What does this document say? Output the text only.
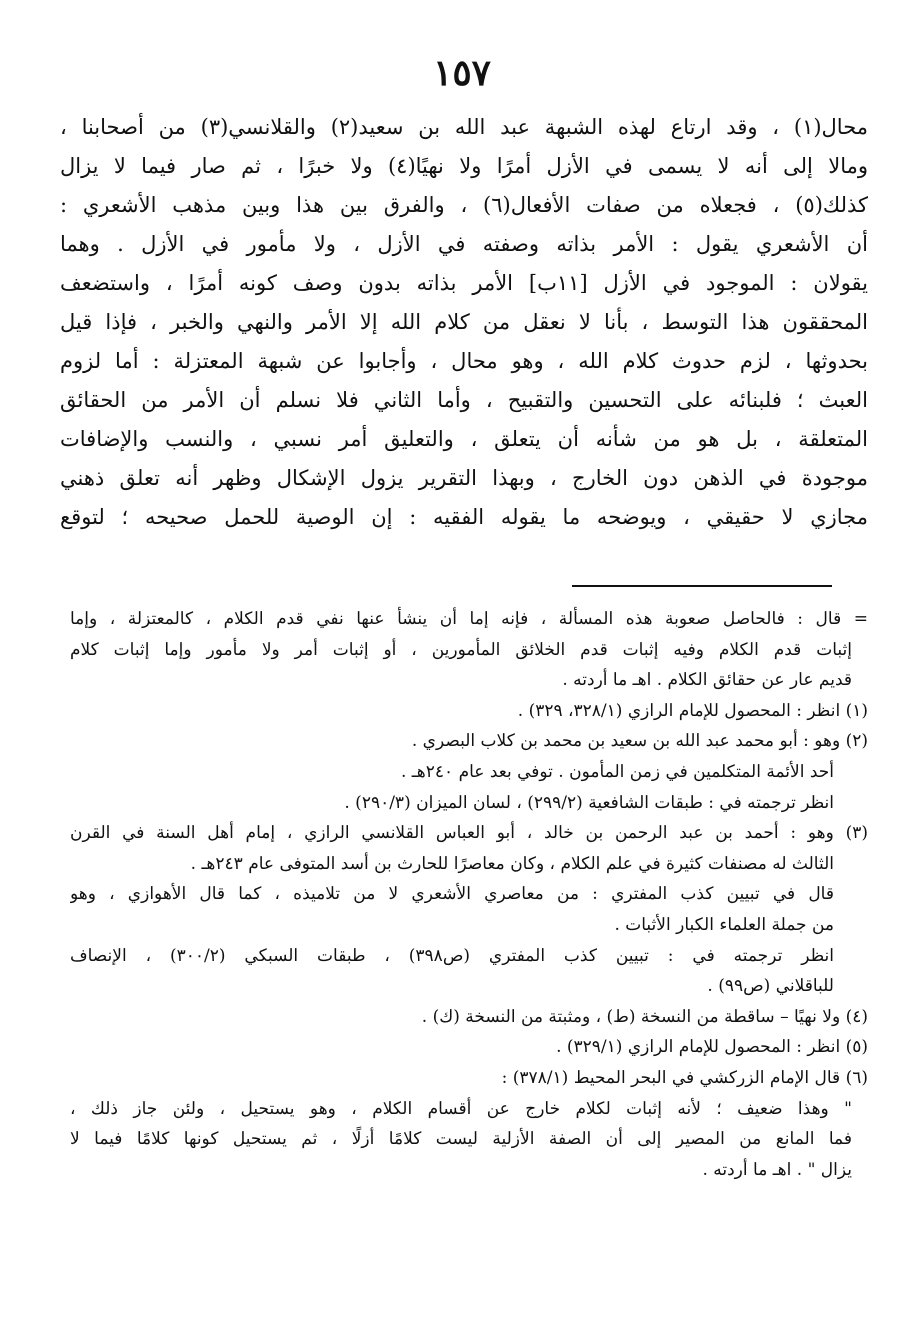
١٥٧
محال(١) ، وقد ارتاع لهذه الشبهة عبد الله بن سعيد(٢) والقلانسي(٣) من أصحابنا ،
ومالا إلى أنه لا يسمى في الأزل أمرًا ولا نهيًا(٤) ولا خبرًا ، ثم صار فيما لا يزال
كذلك(٥) ، فجعلاه من صفات الأفعال(٦) ، والفرق بين هذا وبين مذهب الأشعري :
أن الأشعري يقول : الأمر بذاته وصفته في الأزل ، ولا مأمور في الأزل . وهما
يقولان : الموجود في الأزل [١١ب] الأمر بذاته بدون وصف كونه أمرًا ، واستضعف
المحققون هذا التوسط ، بأنا لا نعقل من كلام الله إلا الأمر والنهي والخبر ، فإذا قيل
بحدوثها ، لزم حدوث كلام الله ، وهو محال ، وأجابوا عن شبهة المعتزلة : أما لزوم
العبث ؛ فلبنائه على التحسين والتقبيح ، وأما الثاني فلا نسلم أن الأمر من الحقائق
المتعلقة ، بل هو من شأنه أن يتعلق ، والتعليق أمر نسبي ، والنسب والإضافات
موجودة في الذهن دون الخارج ، وبهذا التقرير يزول الإشكال وظهر أنه تعلق ذهني
مجازي لا حقيقي ، ويوضحه ما يقوله الفقيه : إن الوصية للحمل صحيحه ؛ لتوقع
= قال : فالحاصل صعوبة هذه المسألة ، فإنه إما أن ينشأ عنها نفي قدم الكلام ، كالمعتزلة ، وإما
إثبات قدم الكلام وفيه إثبات قدم الخلائق المأمورين ، أو إثبات أمر ولا مأمور وإما إثبات كلام
قديم عار عن حقائق الكلام . اهـ ما أردته .
(١) انظر : المحصول للإمام الرازي (٣٢٨/١، ٣٢٩) .
(٢) وهو : أبو محمد عبد الله بن سعيد بن محمد بن كلاب البصري .
أحد الأئمة المتكلمين في زمن المأمون . توفي بعد عام ٢٤٠هـ .
انظر ترجمته في : طبقات الشافعية (٢٩٩/٢) ، لسان الميزان (٢٩٠/٣) .
(٣) وهو : أحمد بن عبد الرحمن بن خالد ، أبو العباس القلانسي الرازي ، إمام أهل السنة في القرن
الثالث له مصنفات كثيرة في علم الكلام ، وكان معاصرًا للحارث بن أسد المتوفى عام ٢٤٣هـ .
قال في تبيين كذب المفتري : من معاصري الأشعري لا من تلاميذه ، كما قال الأهوازي ، وهو
من جملة العلماء الكبار الأثبات .
انظر ترجمته في : تبيين كذب المفتري (ص٣٩٨) ، طبقات السبكي (٣٠٠/٢) ، الإنصاف
للباقلاني (ص٩٩) .
(٤) ولا نهيًا – ساقطة من النسخة (ط) ، ومثبتة من النسخة (ك) .
(٥) انظر : المحصول للإمام الرازي (٣٢٩/١) .
(٦) قال الإمام الزركشي في البحر المحيط (٣٧٨/١) :
" وهذا ضعيف ؛ لأنه إثبات لكلام خارج عن أقسام الكلام ، وهو يستحيل ، ولئن جاز ذلك ،
فما المانع من المصير إلى أن الصفة الأزلية ليست كلامًا أزلًا ، ثم يستحيل كونها كلامًا فيما لا
يزال " . اهـ ما أردته .
